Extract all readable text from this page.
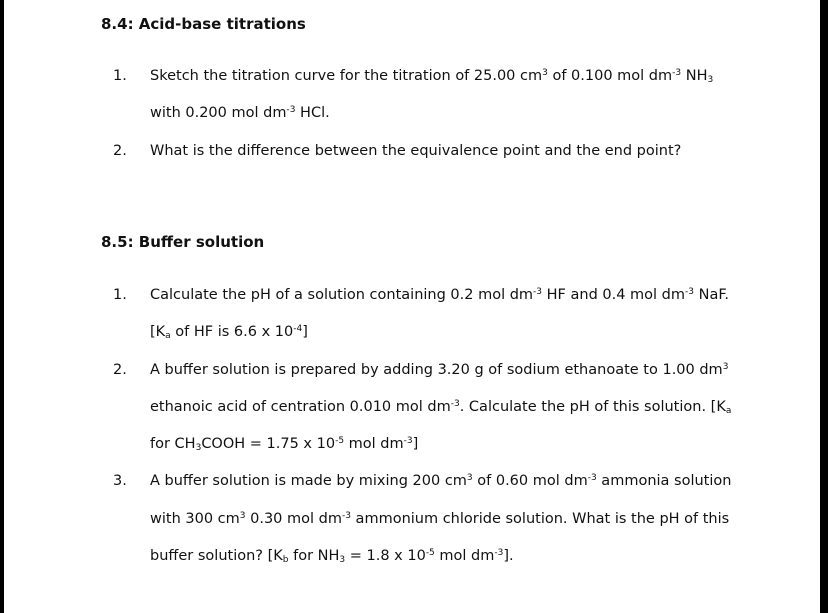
8.4: Acid-base titrations
1. Sketch the titration curve for the titration of 25.00 $cm^3$ of 0.100 mol $dm^{-3}$ $NH_3$
with 0.200 mol $dm^{-3}$ HCl.
2. What is the difference between the equivalence point and the end point?
8.5: Buffer solution
1. Calculate the pH of a solution containing 0.2 mol $dm^{-3}$ HF and 0.4 mol $dm^{-3}$ NaF.
[$K_a$ of HF is 6.6 x $10^{-4}$]
2. A buffer solution is prepared by adding 3.20 g of sodium ethanoate to 1.00 $dm^3$
ethanoic acid of centration 0.010 mol $dm^{-3}$. Calculate the pH of this solution. [$K_a$
for $CH_3COOH = 1.75$ x $10^{-5}$ mol $dm^{-3}$]
3. A buffer solution is made by mixing 200 $cm^3$ of 0.60 mol $dm^{-3}$ ammonia solution
with 300 $cm^3$ 0.30 mol $dm^{-3}$ ammonium chloride solution. What is the pH of this
buffer solution? [$K_b$ for $NH_3 = 1.8$ x $10^{-5}$ mol $dm^{-3}$].
